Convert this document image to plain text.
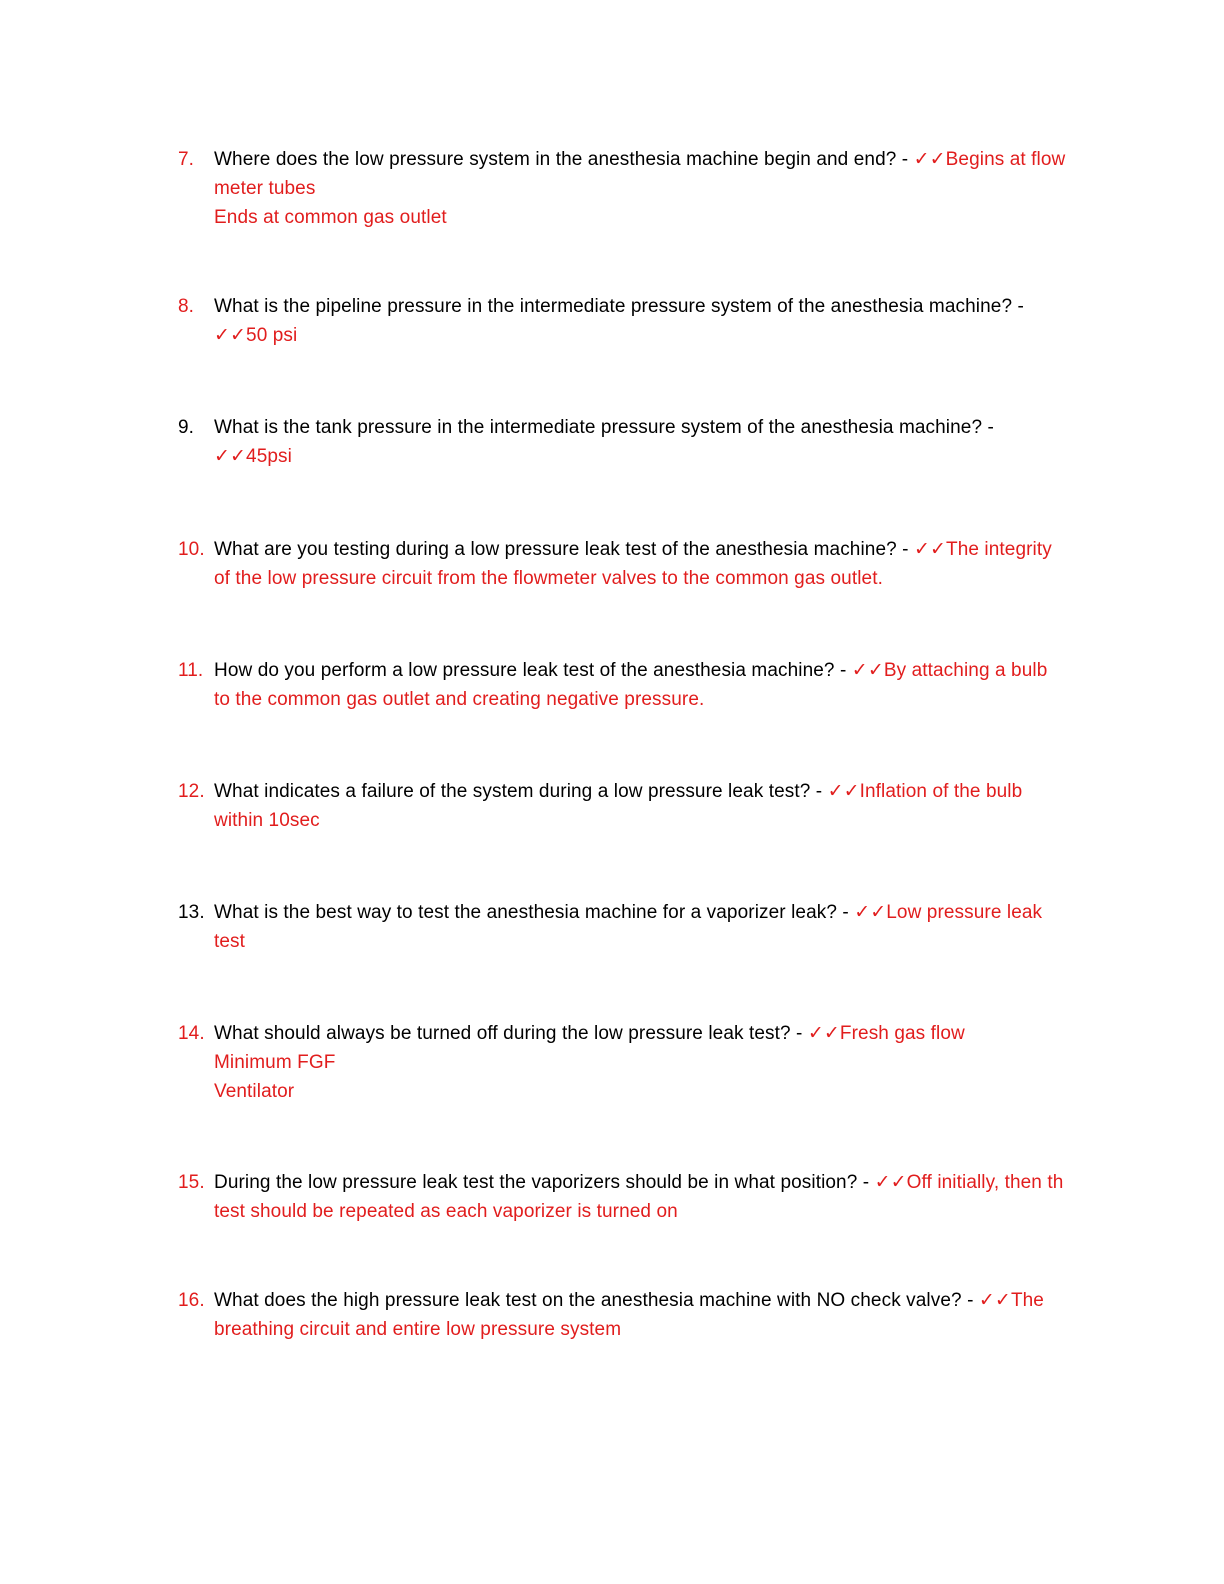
7.	Where does the low pressure system in the anesthesia machine begin and end? - ✓✓Begins at flow meter tubes
Ends at common gas outlet
8.	What is the pipeline pressure in the intermediate pressure system of the anesthesia machine? - ✓✓50 psi
9.	What is the tank pressure in the intermediate pressure system of the anesthesia machine? - ✓✓45psi
10. What are you testing during a low pressure leak test of the anesthesia machine? - ✓✓The integrity of the low pressure circuit from the flowmeter valves to the common gas outlet.
11. How do you perform a low pressure leak test of the anesthesia machine? - ✓✓By attaching a bulb to the common gas outlet and creating negative pressure.
12. What indicates a failure of the system during a low pressure leak test? - ✓✓Inflation of the bulb within 10sec
13. What is the best way to test the anesthesia machine for a vaporizer leak? - ✓✓Low pressure leak test
14. What should always be turned off during the low pressure leak test? - ✓✓Fresh gas flow
Minimum FGF
Ventilator
15. During the low pressure leak test the vaporizers should be in what position? - ✓✓Off initially, then th test should be repeated as each vaporizer is turned on
16. What does the high pressure leak test on the anesthesia machine with NO check valve? - ✓✓The breathing circuit and entire low pressure system
